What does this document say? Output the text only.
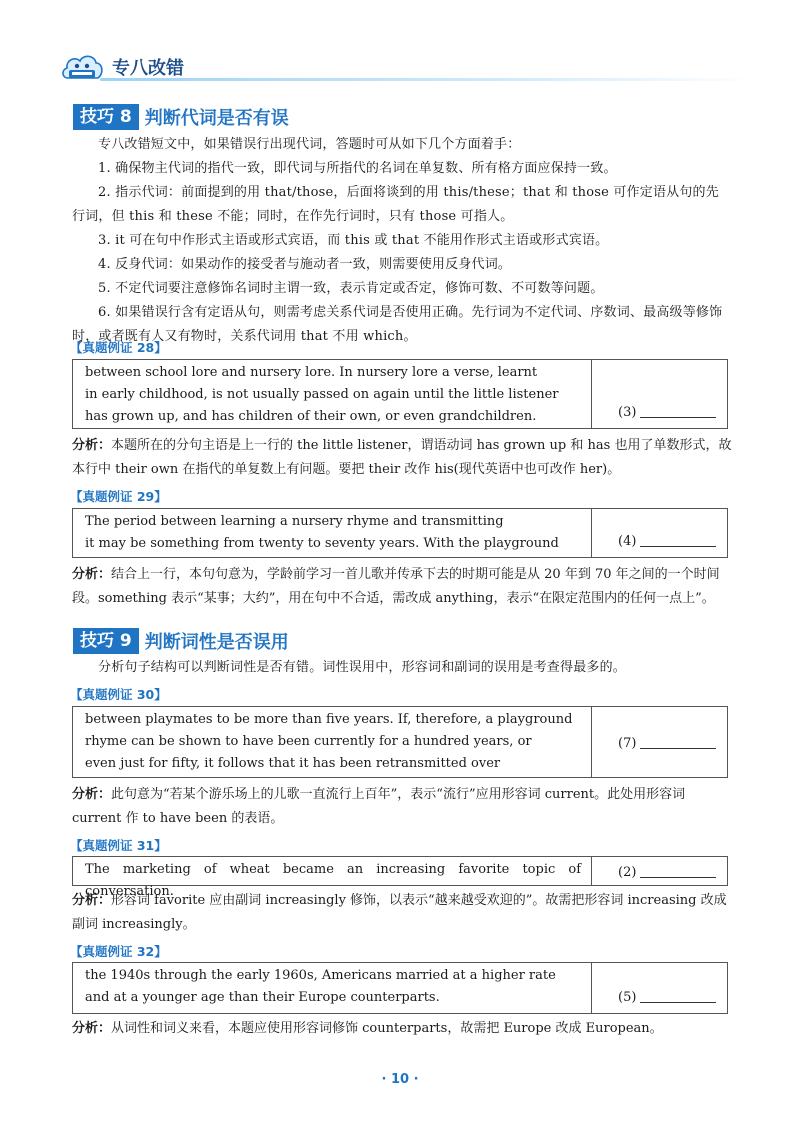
专八改错
技巧 8 判断代词是否有误
专八改错短文中，如果错误行出现代词，答题时可从如下几个方面着手：
1. 确保物主代词的指代一致，即代词与所指代的名词在单复数、所有格方面应保持一致。
2. 指示代词：前面提到的用 that/those，后面将谈到的用 this/these；that 和 those 可作定语从句的先行词，但 this 和 these 不能；同时，在作先行词时，只有 those 可指人。
3. it 可在句中作形式主语或形式宾语，而 this 或 that 不能用作形式主语或形式宾语。
4. 反身代词：如果动作的接受者与施动者一致，则需要使用反身代词。
5. 不定代词要注意修饰名词时主谓一致，表示肯定或否定，修饰可数、不可数等问题。
6. 如果错误行含有定语从句，则需考虑关系代词是否使用正确。先行词为不定代词、序数词、最高级等修饰时，或者既有人又有物时，关系代词用 that 不用 which。
【真题例证 28】
between school lore and nursery lore. In nursery lore a verse, learnt
in early childhood, is not usually passed on again until the little listener
has grown up, and has children of their own, or even grandchildren.	(3)
分析：本题所在的分句主语是上一行的 the little listener，谓语动词 has grown up 和 has 也用了单数形式，故本行中 their own 在指代的单复数上有问题。要把 their 改作 his(现代英语中也可改作 her)。
【真题例证 29】
The period between learning a nursery rhyme and transmitting
it may be something from twenty to seventy years. With the playground	(4)
分析：结合上一行，本句句意为，学龄前学习一首儿歌并传承下去的时期可能是从 20 年到 70 年之间的一个时间段。something 表示“某事；大约”，用在句中不合适，需改成 anything，表示“在限定范围内的任何一点上”。
技巧 9 判断词性是否误用
分析句子结构可以判断词性是否有错。词性误用中，形容词和副词的误用是考查得最多的。
【真题例证 30】
between playmates to be more than five years. If, therefore, a playground
rhyme can be shown to have been currently for a hundred years, or
even just for fifty, it follows that it has been retransmitted over
(7)
分析：此句意为“若某个游乐场上的儿歌一直流行上百年”，表示“流行”应用形容词 current。此处用形容词 current 作 to have been 的表语。
【真题例证 31】
The marketing of wheat became an increasing favorite topic of conversation.
(2)
分析：形容词 favorite 应由副词 increasingly 修饰，以表示“越来越受欢迎的”。故需把形容词 increasing 改成副词 increasingly。
【真题例证 32】
the 1940s through the early 1960s, Americans married at a higher rate
and at a younger age than their Europe counterparts.	(5)
分析：从词性和词义来看，本题应使用形容词修饰 counterparts，故需把 Europe 改成 European。
· 10 ·
